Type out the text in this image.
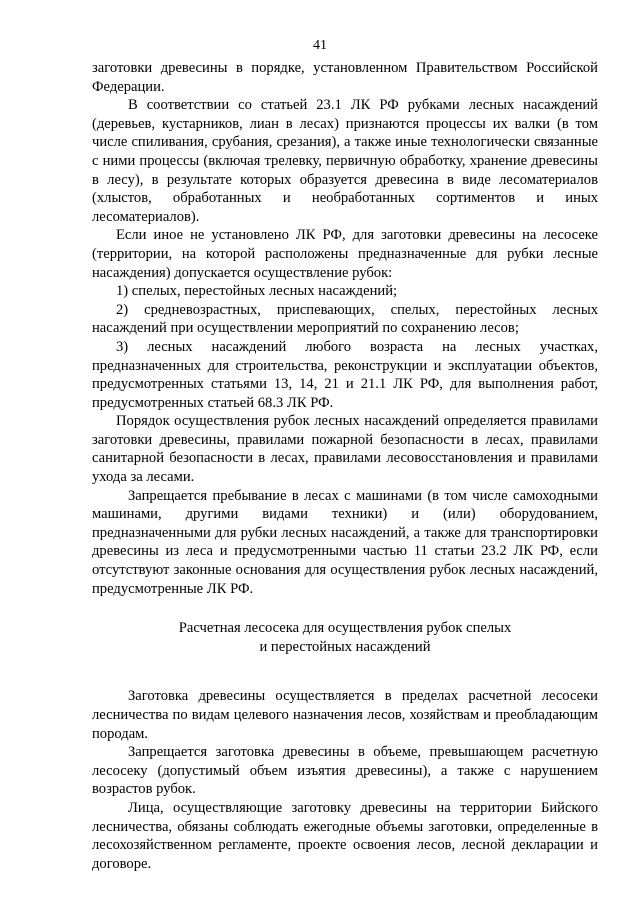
41

заготовки древесины в порядке, установленном Правительством Российской Федерации.

В соответствии со статьей 23.1 ЛК РФ рубками лесных насаждений (деревьев, кустарников, лиан в лесах) признаются процессы их валки (в том числе спиливания, срубания, срезания), а также иные технологически связанные с ними процессы (включая трелевку, первичную обработку, хранение древесины в лесу), в результате которых образуется древесина в виде лесоматериалов (хлыстов, обработанных и необработанных сортиментов и иных лесоматериалов).

Если иное не установлено ЛК РФ, для заготовки древесины на лесосеке (территории, на которой расположены предназначенные для рубки лесные насаждения) допускается осуществление рубок:

1) спелых, перестойных лесных насаждений;

2) средневозрастных, приспевающих, спелых, перестойных лесных насаждений при осуществлении мероприятий по сохранению лесов;

3) лесных насаждений любого возраста на лесных участках, предназначенных для строительства, реконструкции и эксплуатации объектов, предусмотренных статьями 13, 14, 21 и 21.1 ЛК РФ, для выполнения работ, предусмотренных статьей 68.3 ЛК РФ.

Порядок осуществления рубок лесных насаждений определяется правилами заготовки древесины, правилами пожарной безопасности в лесах, правилами санитарной безопасности в лесах, правилами лесовосстановления и правилами ухода за лесами.

Запрещается пребывание в лесах с машинами (в том числе самоходными машинами, другими видами техники) и (или) оборудованием, предназначенными для рубки лесных насаждений, а также для транспортировки древесины из леса и предусмотренными частью 11 статьи 23.2 ЛК РФ, если отсутствуют законные основания для осуществления рубок лесных насаждений, предусмотренные ЛК РФ.

Расчетная лесосека для осуществления рубок спелых
и перестойных насаждений

Заготовка древесины осуществляется в пределах расчетной лесосеки лесничества по видам целевого назначения лесов, хозяйствам и преобладающим породам.

Запрещается заготовка древесины в объеме, превышающем расчетную лесосеку (допустимый объем изъятия древесины), а также с нарушением возрастов рубок.

Лица, осуществляющие заготовку древесины на территории Бийского лесничества, обязаны соблюдать ежегодные объемы заготовки, определенные в лесохозяйственном регламенте, проекте освоения лесов, лесной декларации и договоре.
